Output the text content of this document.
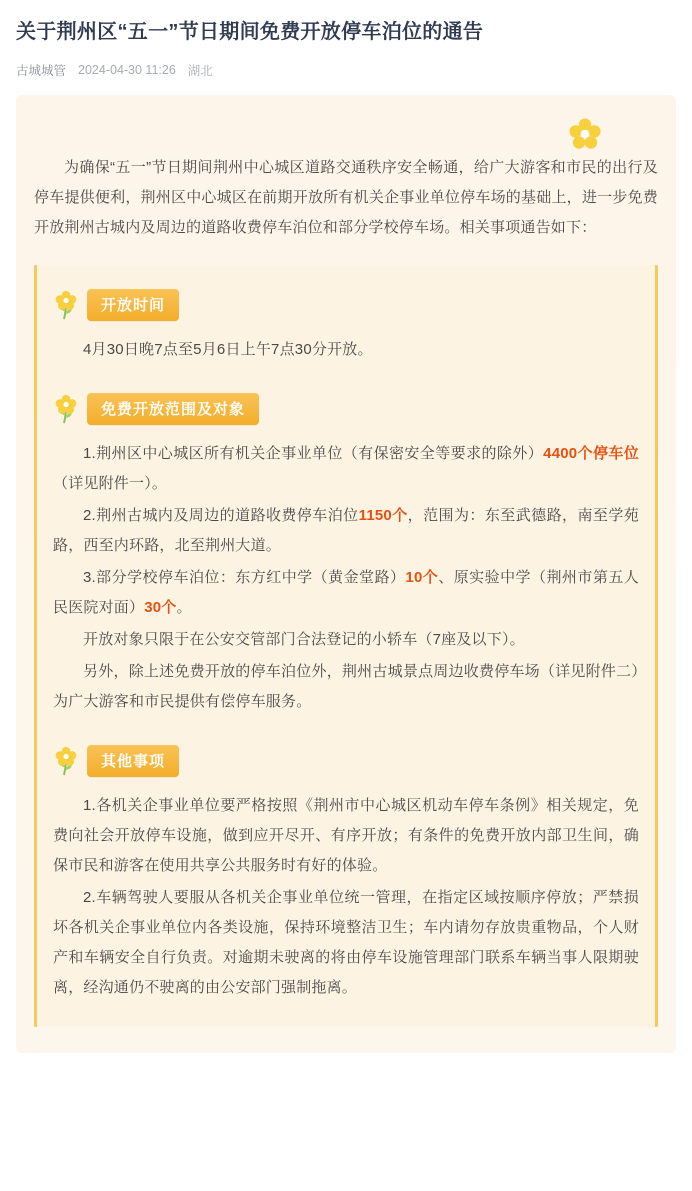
关于荆州区“五一”节日期间免费开放停车泊位的通告
古城城管 2024-04-30 11:26 湖北

为确保“五一”节日期间荆州中心城区道路交通秩序安全畅通，给广大游客和市民的出行及停车提供便利，荆州区中心城区在前期开放所有机关企事业单位停车场的基础上，进一步免费开放荆州古城内及周边的道路收费停车泊位和部分学校停车场。相关事项通告如下：

开放时间

4月30日晚7点至5月6日上午7点30分开放。

免费开放范围及对象

1.荆州区中心城区所有机关企事业单位（有保密安全等要求的除外）4400个停车位（详见附件一）。

2.荆州古城内及周边的道路收费停车泊位1150个，范围为：东至武德路，南至学苑路，西至内环路，北至荆州大道。

3.部分学校停车泊位：东方红中学（黄金堂路）10个、原实验中学（荆州市第五人民医院对面）30个。

开放对象只限于在公安交管部门合法登记的小轿车（7座及以下）。

另外，除上述免费开放的停车泊位外，荆州古城景点周边收费停车场（详见附件二）为广大游客和市民提供有偿停车服务。

其他事项

1.各机关企事业单位要严格按照《荆州市中心城区机动车停车条例》相关规定，免费向社会开放停车设施，做到应开尽开、有序开放；有条件的免费开放内部卫生间，确保市民和游客在使用共享公共服务时有好的体验。

2.车辆驾驶人要服从各机关企事业单位统一管理，在指定区域按顺序停放；严禁损坏各机关企事业单位内各类设施，保持环境整洁卫生；车内请勿存放贵重物品，个人财产和车辆安全自行负责。对逾期未驶离的将由停车设施管理部门联系车辆当事人限期驶离，经沟通仍不驶离的由公安部门强制拖离。
